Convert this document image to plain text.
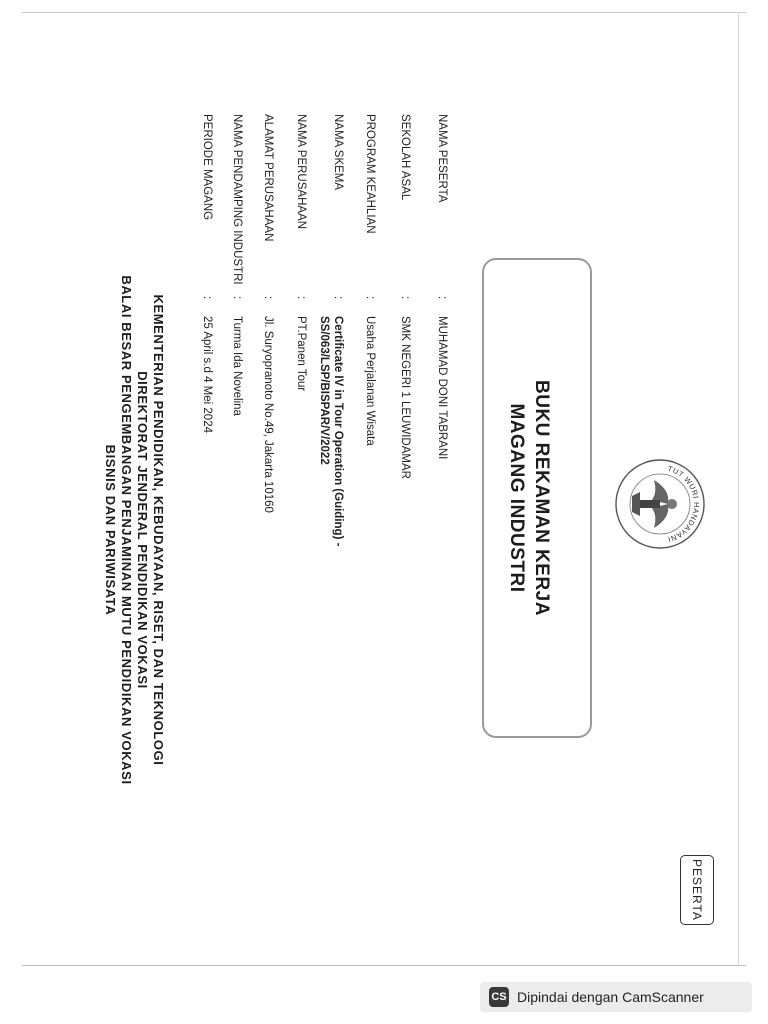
PESERTA
TUT WURI HANDAYANI
BUKU REKAMAN KERJA
MAGANG INDUSTRI
NAMA PESERTA
:
MUHAMAD DONI TABRANI
SEKOLAH ASAL
:
SMK NEGERI 1 LEUWIDAMAR
PROGRAM KEAHLIAN
:
Usaha Perjalanan Wisata
NAMA SKEMA
:
Certificate IV in Tour Operation (Guiding) -
SS/063/LSP/BISPAR/V/2022
NAMA PERUSAHAAN
:
PT.Panen Tour
ALAMAT PERUSAHAAN
:
Jl. Suryopranoto No.49, Jakarta 10160
NAMA PENDAMPING INDUSTRI
:
Turma Ida Novelina
PERIODE MAGANG
:
25 April s.d 4 Mei 2024
KEMENTERIAN PENDIDIKAN, KEBUDAYAAN, RISET, DAN TEKNOLOGI
DIREKTORAT JENDERAL PENDIDIKAN VOKASI
BALAI BESAR PENGEMBANGAN PENJAMINAN MUTU PENDIDIKAN VOKASI
BISNIS DAN PARIWISATA
CS Dipindai dengan CamScanner
